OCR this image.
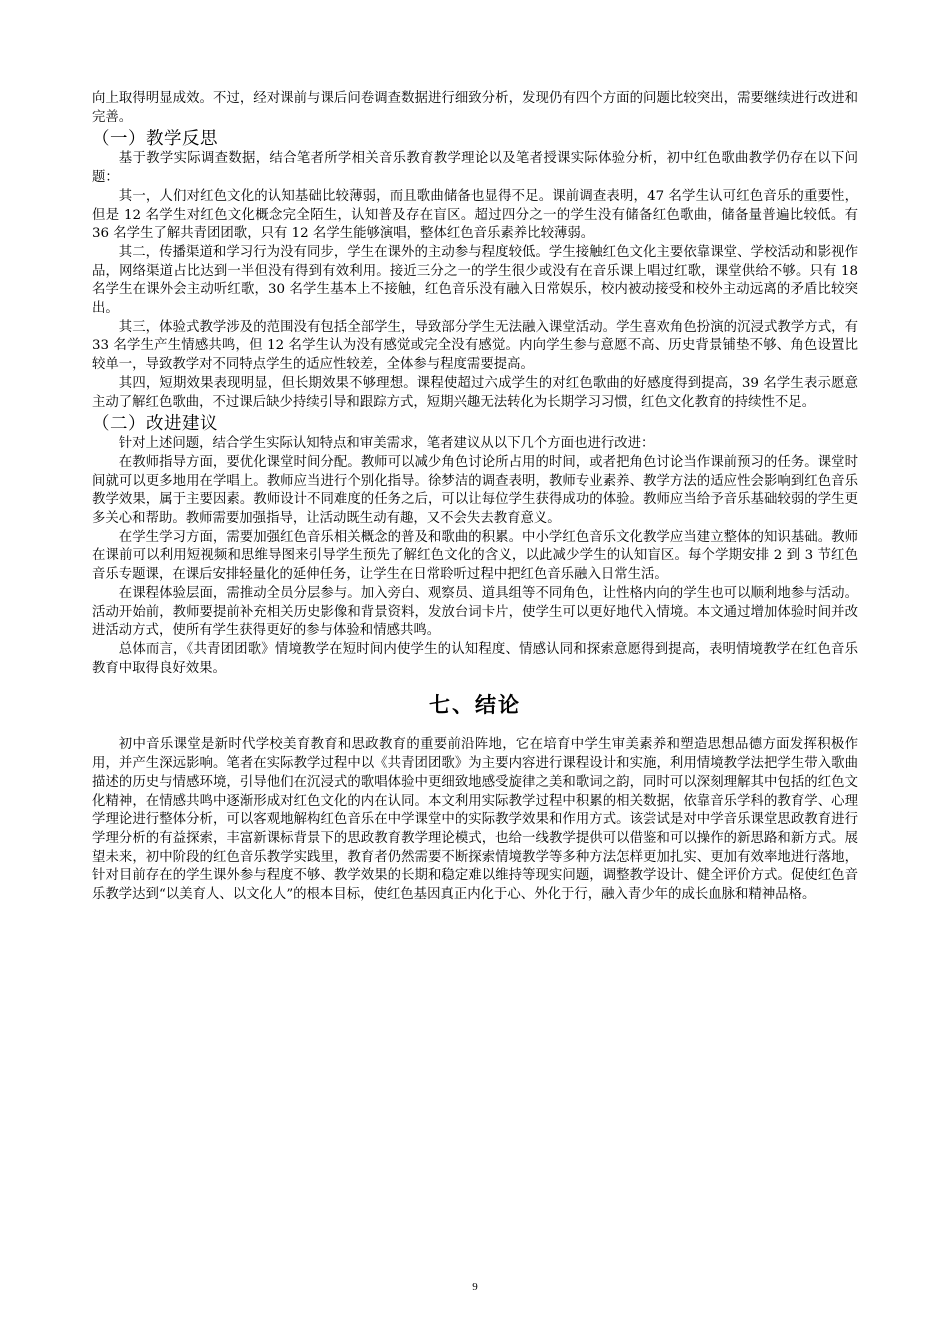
向上取得明显成效。不过，经对课前与课后问卷调查数据进行细致分析，发现仍有四个方面的问题比较突出，需要继续进行改进和完善。

（一）教学反思

基于教学实际调查数据，结合笔者所学相关音乐教育教学理论以及笔者授课实际体验分析，初中红色歌曲教学仍存在以下问题：

其一，人们对红色文化的认知基础比较薄弱，而且歌曲储备也显得不足。课前调查表明，47 名学生认可红色音乐的重要性，但是 12 名学生对红色文化概念完全陌生，认知普及存在盲区。超过四分之一的学生没有储备红色歌曲，储备量普遍比较低。有 36 名学生了解共青团团歌，只有 12 名学生能够演唱，整体红色音乐素养比较薄弱。

其二，传播渠道和学习行为没有同步，学生在课外的主动参与程度较低。学生接触红色文化主要依靠课堂、学校活动和影视作品，网络渠道占比达到一半但没有得到有效利用。接近三分之一的学生很少或没有在音乐课上唱过红歌，课堂供给不够。只有 18 名学生在课外会主动听红歌，30 名学生基本上不接触，红色音乐没有融入日常娱乐，校内被动接受和校外主动远离的矛盾比较突出。

其三，体验式教学涉及的范围没有包括全部学生，导致部分学生无法融入课堂活动。学生喜欢角色扮演的沉浸式教学方式，有 33 名学生产生情感共鸣，但 12 名学生认为没有感觉或完全没有感觉。内向学生参与意愿不高、历史背景铺垫不够、角色设置比较单一，导致教学对不同特点学生的适应性较差，全体参与程度需要提高。

其四，短期效果表现明显，但长期效果不够理想。课程使超过六成学生的对红色歌曲的好感度得到提高，39 名学生表示愿意主动了解红色歌曲，不过课后缺少持续引导和跟踪方式，短期兴趣无法转化为长期学习习惯，红色文化教育的持续性不足。

（二）改进建议

针对上述问题，结合学生实际认知特点和审美需求，笔者建议从以下几个方面也进行改进：

在教师指导方面，要优化课堂时间分配。教师可以减少角色讨论所占用的时间，或者把角色讨论当作课前预习的任务。课堂时间就可以更多地用在学唱上。教师应当进行个别化指导。徐梦洁的调查表明，教师专业素养、教学方法的适应性会影响到红色音乐教学效果，属于主要因素。教师设计不同难度的任务之后，可以让每位学生获得成功的体验。教师应当给予音乐基础较弱的学生更多关心和帮助。教师需要加强指导，让活动既生动有趣，又不会失去教育意义。

在学生学习方面，需要加强红色音乐相关概念的普及和歌曲的积累。中小学红色音乐文化教学应当建立整体的知识基础。教师在课前可以利用短视频和思维导图来引导学生预先了解红色文化的含义，以此减少学生的认知盲区。每个学期安排 2 到 3 节红色音乐专题课，在课后安排轻量化的延伸任务，让学生在日常聆听过程中把红色音乐融入日常生活。

在课程体验层面，需推动全员分层参与。加入旁白、观察员、道具组等不同角色，让性格内向的学生也可以顺利地参与活动。活动开始前，教师要提前补充相关历史影像和背景资料，发放台词卡片，使学生可以更好地代入情境。本文通过增加体验时间并改进活动方式，使所有学生获得更好的参与体验和情感共鸣。

总体而言，《共青团团歌》情境教学在短时间内使学生的认知程度、情感认同和探索意愿得到提高，表明情境教学在红色音乐教育中取得良好效果。

七、结论

初中音乐课堂是新时代学校美育教育和思政教育的重要前沿阵地，它在培育中学生审美素养和塑造思想品德方面发挥积极作用，并产生深远影响。笔者在实际教学过程中以《共青团团歌》为主要内容进行课程设计和实施，利用情境教学法把学生带入歌曲描述的历史与情感环境，引导他们在沉浸式的歌唱体验中更细致地感受旋律之美和歌词之韵，同时可以深刻理解其中包括的红色文化精神，在情感共鸣中逐渐形成对红色文化的内在认同。本文利用实际教学过程中积累的相关数据，依靠音乐学科的教育学、心理学理论进行整体分析，可以客观地解构红色音乐在中学课堂中的实际教学效果和作用方式。该尝试是对中学音乐课堂思政教育进行学理分析的有益探索，丰富新课标背景下的思政教育教学理论模式，也给一线教学提供可以借鉴和可以操作的新思路和新方式。展望未来，初中阶段的红色音乐教学实践里，教育者仍然需要不断探索情境教学等多种方法怎样更加扎实、更加有效率地进行落地，针对目前存在的学生课外参与程度不够、教学效果的长期和稳定难以维持等现实问题，调整教学设计、健全评价方式。促使红色音乐教学达到“以美育人、以文化人”的根本目标，使红色基因真正内化于心、外化于行，融入青少年的成长血脉和精神品格。

9
